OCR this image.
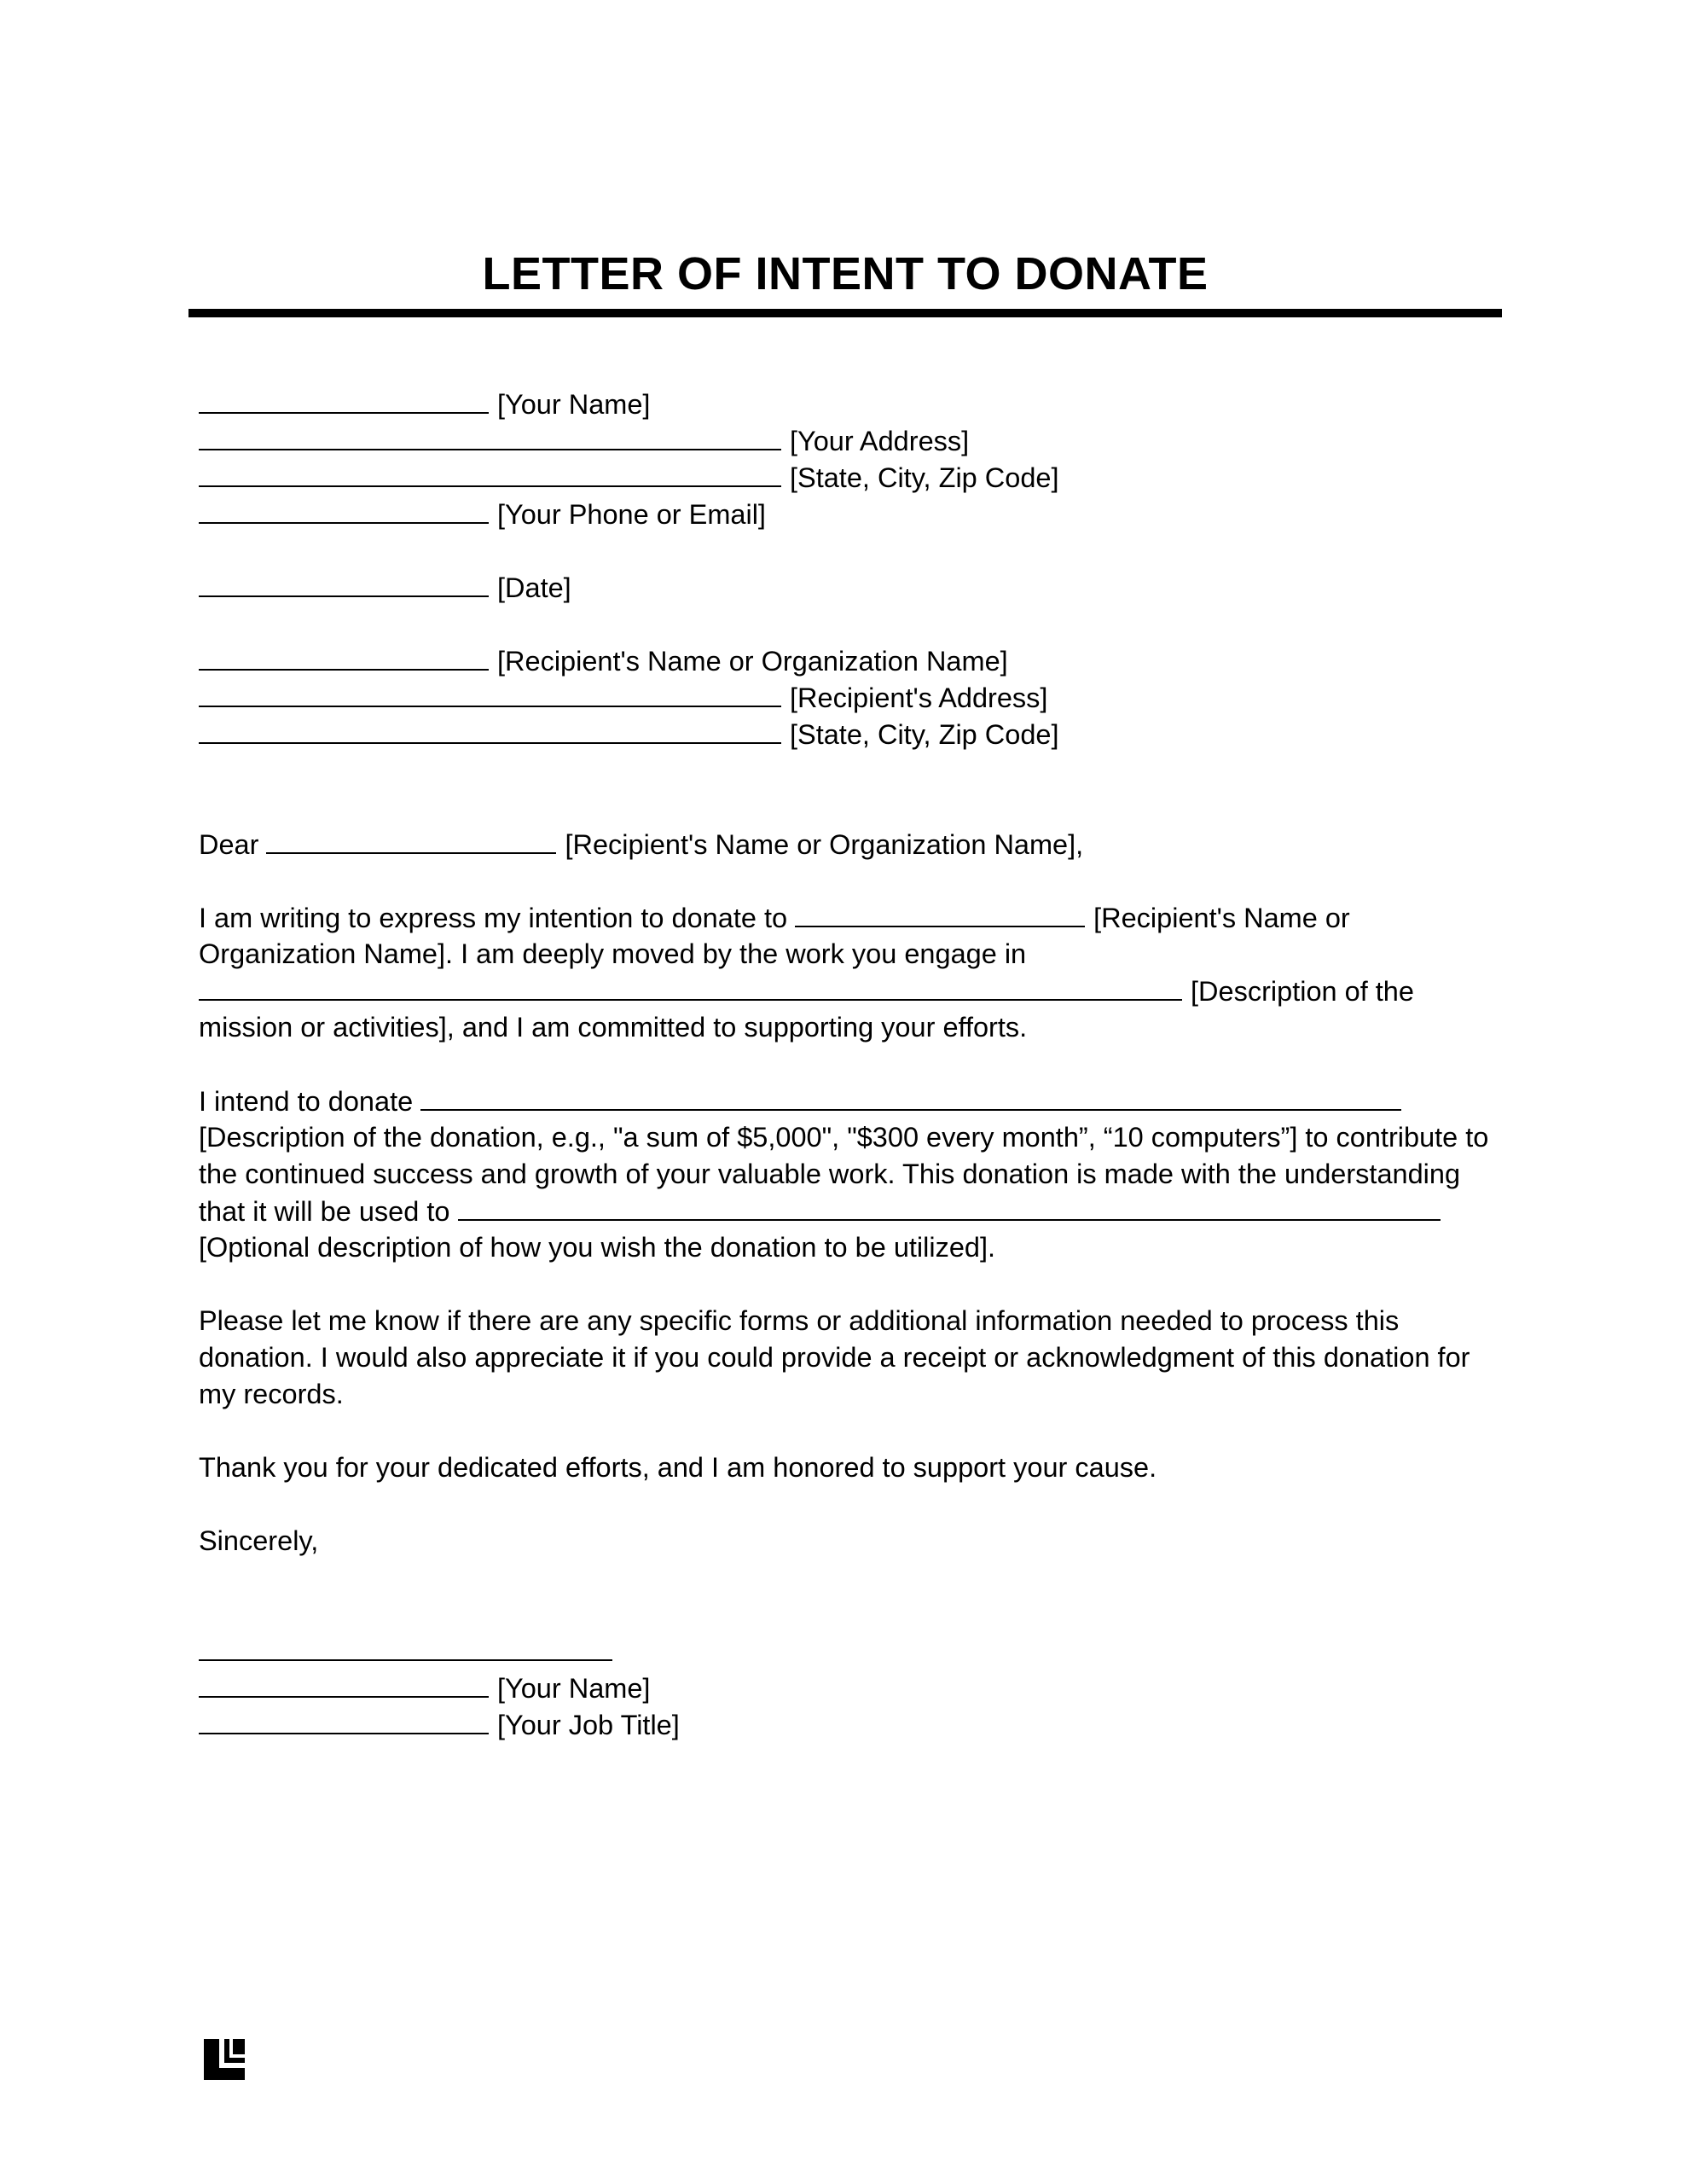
LETTER OF INTENT TO DONATE
[Your Name]
[Your Address]
[State, City, Zip Code]
[Your Phone or Email]
[Date]
[Recipient's Name or Organization Name]
[Recipient's Address]
[State, City, Zip Code]
Dear	[Recipient's Name or Organization Name],
I am writing to express my intention to donate to	[Recipient's Name or
Organization Name]. I am deeply moved by the work you engage in
[Description of the
mission or activities], and I am committed to supporting your efforts.
I intend to donate
[Description of the donation, e.g., "a sum of $5,000", "$300 every month”, “10 computers”] to contribute to
the continued success and growth of your valuable work. This donation is made with the understanding
that it will be used to
[Optional description of how you wish the donation to be utilized].
Please let me know if there are any specific forms or additional information needed to process this
donation. I would also appreciate it if you could provide a receipt or acknowledgment of this donation for
my records.
Thank you for your dedicated efforts, and I am honored to support your cause.
Sincerely,
[Your Name]
[Your Job Title]
